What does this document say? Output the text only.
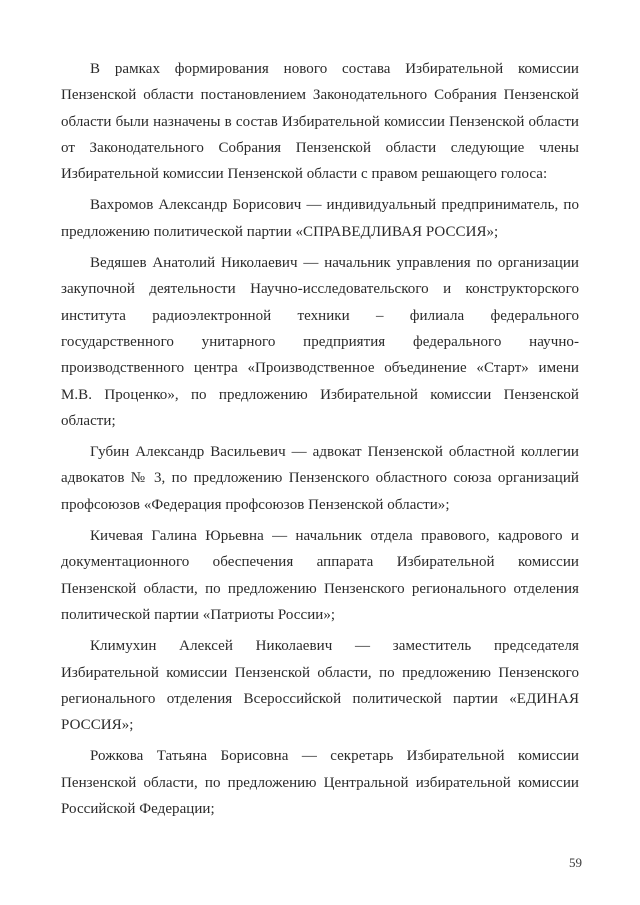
В рамках формирования нового состава Избирательной комиссии Пензенской области постановлением Законодательного Собрания Пензенской области были назначены в состав Избирательной комиссии Пензенской области от Законодательного Собрания Пензенской области следующие члены Избирательной комиссии Пензенской области с правом решающего голоса:

Вахромов Александр Борисович — индивидуальный предприниматель, по предложению политической партии «СПРАВЕДЛИВАЯ РОССИЯ»;

Ведяшев Анатолий Николаевич — начальник управления по организации закупочной деятельности Научно-исследовательского и конструкторского института радиоэлектронной техники – филиала федерального государственного унитарного предприятия федерального научно-производственного центра «Производственное объединение «Старт» имени М.В. Проценко», по предложению Избирательной комиссии Пензенской области;

Губин Александр Васильевич — адвокат Пензенской областной коллегии адвокатов № 3, по предложению Пензенского областного союза организаций профсоюзов «Федерация профсоюзов Пензенской области»;

Кичевая Галина Юрьевна — начальник отдела правового, кадрового и документационного обеспечения аппарата Избирательной комиссии Пензенской области, по предложению Пензенского регионального отделения политической партии «Патриоты России»;

Климухин Алексей Николаевич — заместитель председателя Избирательной комиссии Пензенской области, по предложению Пензенского регионального отделения Всероссийской политической партии «ЕДИНАЯ РОССИЯ»;

Рожкова Татьяна Борисовна — секретарь Избирательной комиссии Пензенской области, по предложению Центральной избирательной комиссии Российской Федерации;

59
